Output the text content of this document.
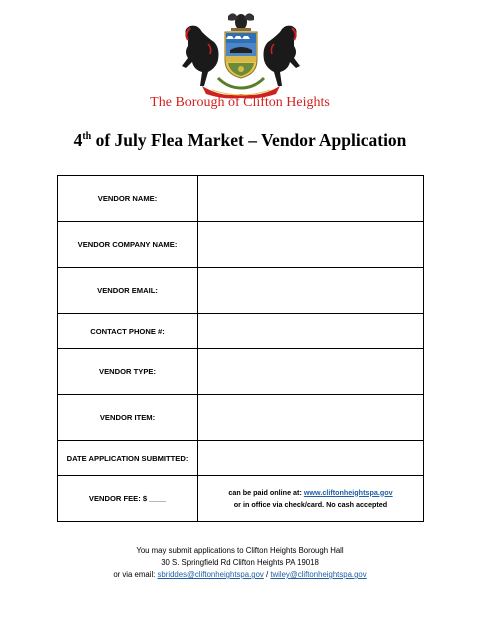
The Borough of Clifton Heights
4th of July Flea Market – Vendor Application
VENDOR NAME:	
VENDOR COMPANY NAME:	
VENDOR EMAIL:	
CONTACT PHONE #:	
VENDOR TYPE:	
VENDOR ITEM:	
DATE APPLICATION SUBMITTED:	
VENDOR FEE: $ ____	can be paid online at: www.cliftonheightspa.gov
or in office via check/card. No cash accepted
You may submit applications to Clifton Heights Borough Hall
30 S. Springfield Rd Clifton Heights PA 19018
or via email: sbriddes@cliftonheightspa.gov / twiley@cliftonheightspa.gov
